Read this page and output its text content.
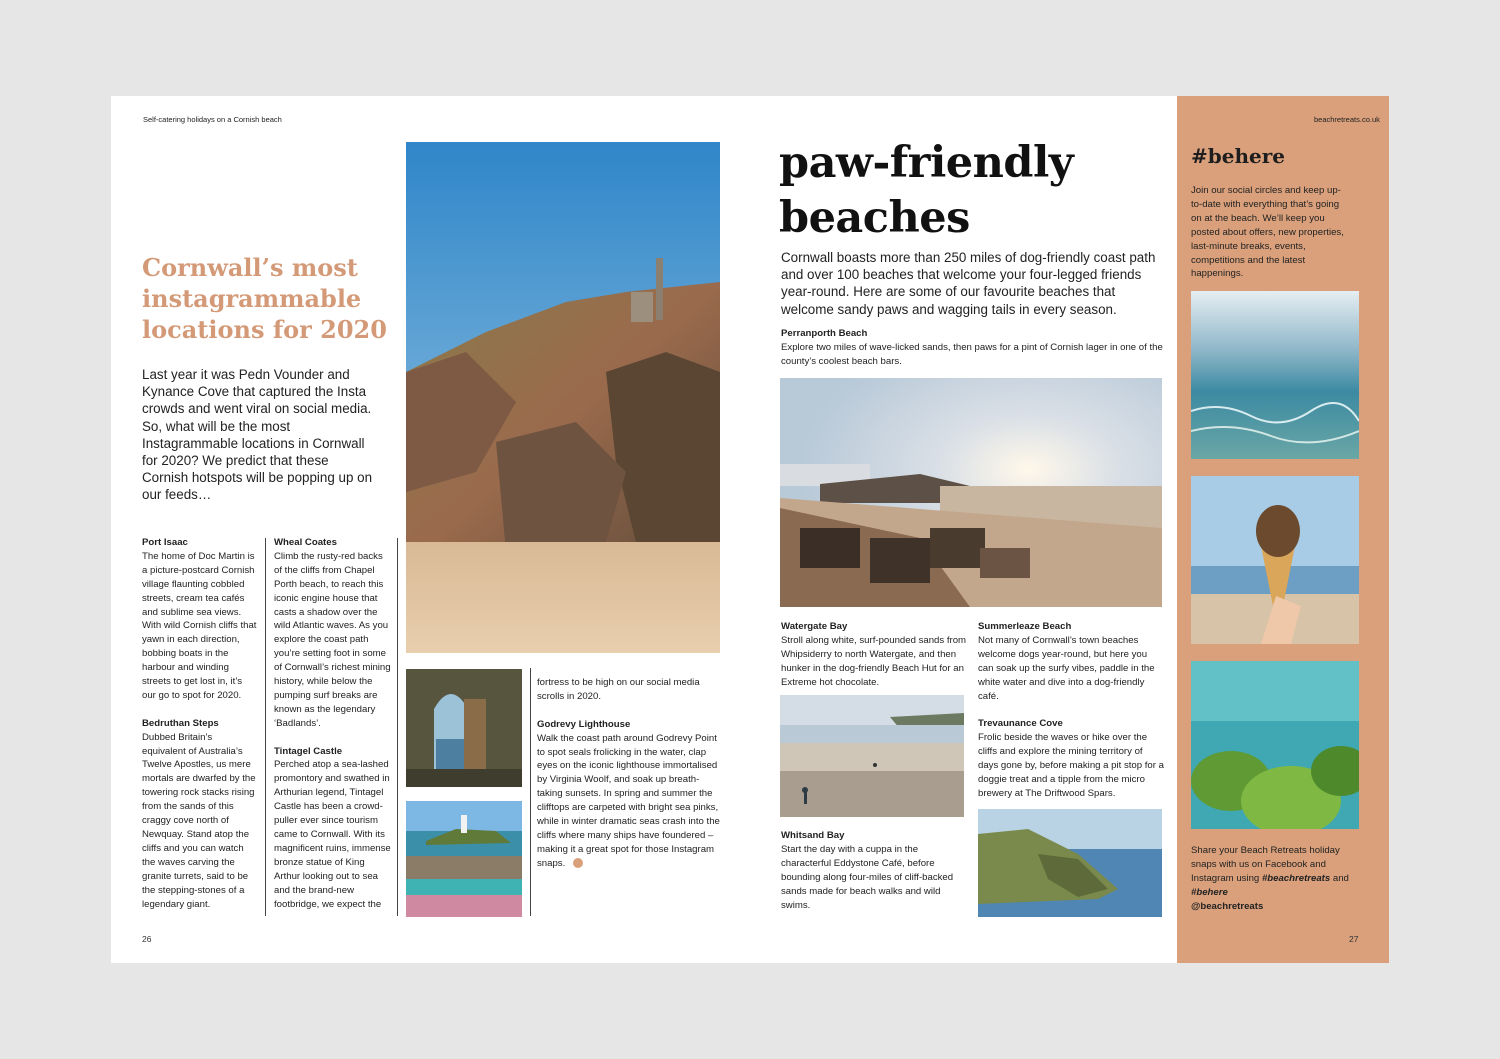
Self-catering holidays on a Cornish beach
Cornwall’s most
instagrammable
locations for 2020
Last year it was Pedn Vounder and Kynance Cove that captured the Insta crowds and went viral on social media. So, what will be the most Instagrammable locations in Cornwall for 2020? We predict that these Cornish hotspots will be popping up on our feeds…
Port Isaac

The home of Doc Martin is a picture-postcard Cornish village flaunting cobbled streets, cream tea cafés and sublime sea views. With wild Cornish cliffs that yawn in each direction, bobbing boats in the harbour and winding streets to get lost in, it’s our go to spot for 2020.

Bedruthan Steps

Dubbed Britain’s equivalent of Australia’s Twelve Apostles, us mere mortals are dwarfed by the towering rock stacks rising from the sands of this craggy cove north of Newquay. Stand atop the cliffs and you can watch the waves carving the granite turrets, said to be the stepping-stones of a legendary giant.

Wheal Coates

Climb the rusty-red backs of the cliffs from Chapel Porth beach, to reach this iconic engine house that casts a shadow over the wild Atlantic waves. As you explore the coast path you’re setting foot in some of Cornwall’s richest mining history, while below the pumping surf breaks are known as the legendary ‘Badlands’.

Tintagel Castle

Perched atop a sea-lashed promontory and swathed in Arthurian legend, Tintagel Castle has been a crowd-puller ever since tourism came to Cornwall. With its magnificent ruins, immense bronze statue of King Arthur looking out to sea and the brand-new footbridge, we expect the

fortress to be high on our social media scrolls in 2020.

Godrevy Lighthouse

Walk the coast path around Godrevy Point to spot seals frolicking in the water, clap eyes on the iconic lighthouse immortalised by Virginia Woolf, and soak up breath-taking sunsets. In spring and summer the clifftops are carpeted with bright sea pinks, while in winter dramatic seas crash into the cliffs where many ships have foundered – making it a great spot for those Instagram snaps.

26
paw-friendly
beaches
Cornwall boasts more than 250 miles of dog-friendly coast path and over 100 beaches that welcome your four-legged friends year-round. Here are some of our favourite beaches that welcome sandy paws and wagging tails in every season.
Perranporth Beach

Explore two miles of wave-licked sands, then paws for a pint of Cornish lager in one of the county’s coolest beach bars.

Watergate Bay

Stroll along white, surf-pounded sands from Whipsiderry to north Watergate, and then hunker in the dog-friendly Beach Hut for an Extreme hot chocolate.

Whitsand Bay

Start the day with a cuppa in the characterful Eddystone Café, before bounding along four-miles of cliff-backed sands made for beach walks and wild swims.

Summerleaze Beach

Not many of Cornwall’s town beaches welcome dogs year-round, but here you can soak up the surfy vibes, paddle in the white water and dive into a dog-friendly café.

Trevaunance Cove

Frolic beside the waves or hike over the cliffs and explore the mining territory of days gone by, before making a pit stop for a doggie treat and a tipple from the micro brewery at The Driftwood Spars.

beachretreats.co.uk
#behere
Join our social circles and keep up-to-date with everything that’s going on at the beach. We’ll keep you posted about offers, new properties, last-minute breaks, events, competitions and the latest happenings.
Share your Beach Retreats holiday snaps with us on Facebook and Instagram using #beachretreats and #behere
@beachretreats
27
